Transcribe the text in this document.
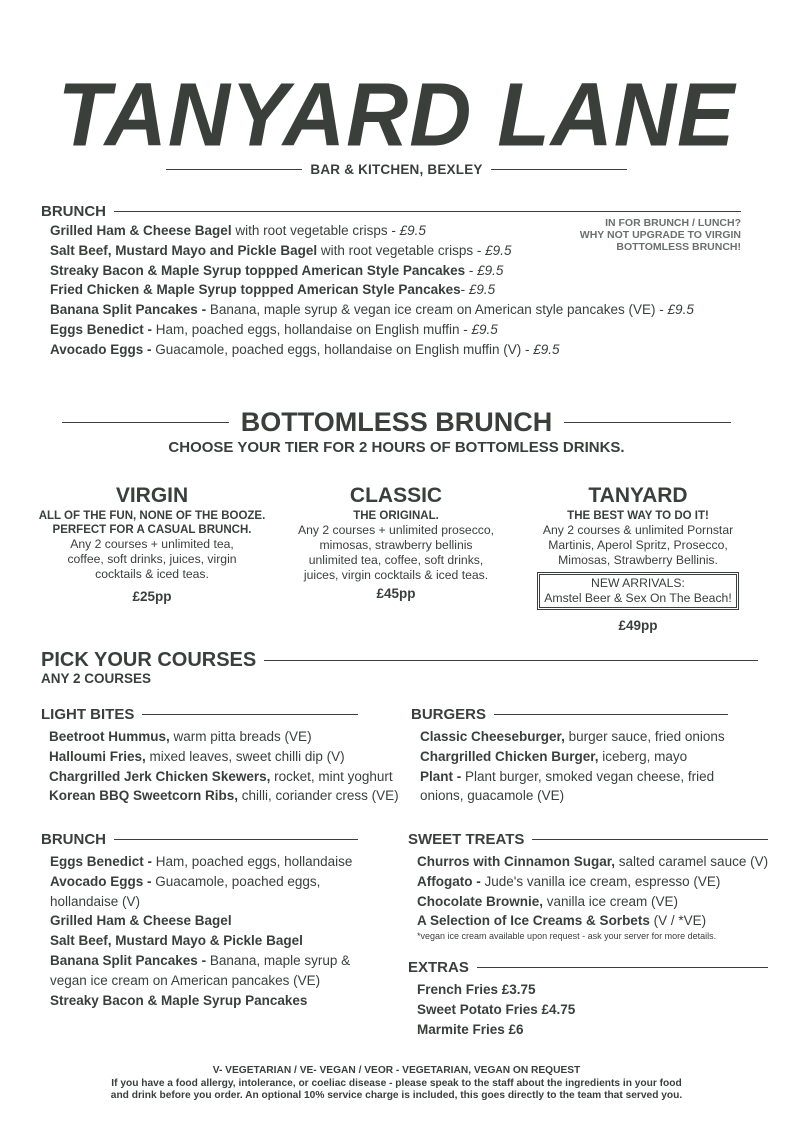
TANYARD LANE
BAR & KITCHEN, BEXLEY
BRUNCH
IN FOR BRUNCH / LUNCH?
WHY NOT UPGRADE TO VIRGIN
BOTTOMLESS BRUNCH!
Grilled Ham & Cheese Bagel with root vegetable crisps - £9.5
Salt Beef, Mustard Mayo and Pickle Bagel with root vegetable crisps - £9.5
Streaky Bacon & Maple Syrup toppped American Style Pancakes - £9.5
Fried Chicken & Maple Syrup toppped American Style Pancakes- £9.5
Banana Split Pancakes - Banana, maple syrup & vegan ice cream on American style pancakes (VE) - £9.5
Eggs Benedict - Ham, poached eggs, hollandaise on English muffin - £9.5
Avocado Eggs - Guacamole, poached eggs, hollandaise on English muffin (V) - £9.5
BOTTOMLESS BRUNCH
CHOOSE YOUR TIER FOR 2 HOURS OF BOTTOMLESS DRINKS.
VIRGIN
ALL OF THE FUN, NONE OF THE BOOZE.
PERFECT FOR A CASUAL BRUNCH.
Any 2 courses + unlimited tea,
coffee, soft drinks, juices, virgin
cocktails & iced teas.
£25pp
CLASSIC
THE ORIGINAL.
Any 2 courses + unlimited prosecco,
mimosas, strawberry bellinis
unlimited tea, coffee, soft drinks,
juices, virgin cocktails & iced teas.
£45pp
TANYARD
THE BEST WAY TO DO IT!
Any 2 courses & unlimited Pornstar
Martinis, Aperol Spritz, Prosecco,
Mimosas, Strawberry Bellinis.
NEW ARRIVALS:
Amstel Beer & Sex On The Beach!
£49pp
PICK YOUR COURSES
ANY 2 COURSES
LIGHT BITES
Beetroot Hummus, warm pitta breads (VE)
Halloumi Fries, mixed leaves, sweet chilli dip (V)
Chargrilled Jerk Chicken Skewers, rocket, mint yoghurt
Korean BBQ Sweetcorn Ribs, chilli, coriander cress (VE)
BURGERS
Classic Cheeseburger, burger sauce, fried onions
Chargrilled Chicken Burger, iceberg, mayo
Plant - Plant burger, smoked vegan cheese, fried
onions, guacamole (VE)
BRUNCH
Eggs Benedict - Ham, poached eggs, hollandaise
Avocado Eggs - Guacamole, poached eggs,
hollandaise (V)
Grilled Ham & Cheese Bagel
Salt Beef, Mustard Mayo & Pickle Bagel
Banana Split Pancakes - Banana, maple syrup &
vegan ice cream on American pancakes (VE)
Streaky Bacon & Maple Syrup Pancakes
SWEET TREATS
Churros with Cinnamon Sugar, salted caramel sauce (V)
Affogato - Jude's vanilla ice cream, espresso (VE)
Chocolate Brownie, vanilla ice cream (VE)
A Selection of Ice Creams & Sorbets (V / *VE)
*vegan ice cream available upon request - ask your server for more details.
EXTRAS
French Fries £3.75
Sweet Potato Fries £4.75
Marmite Fries £6
V- VEGETARIAN / VE- VEGAN / VEOR - VEGETARIAN, VEGAN ON REQUEST
If you have a food allergy, intolerance, or coeliac disease - please speak to the staff about the ingredients in your food
and drink before you order. An optional 10% service charge is included, this goes directly to the team that served you.
